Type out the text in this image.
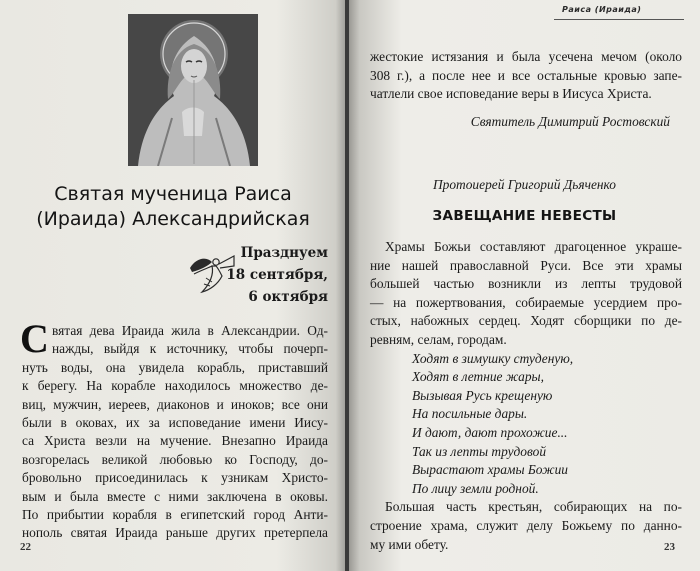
Святая мученица Раиса
(Ираида) Александрийская
Празднуем
18 сентября,
6 октября
С вятая дева Ираида жила в Александрии. Од-
нажды, выйдя к источнику, чтобы почерп-
нуть воды, она увидела корабль, приставший
к берегу. На корабле находилось множество де-
виц, мужчин, иереев, диаконов и иноков; все они
были в оковах, их за исповедание имени Иису-
са Христа везли на мучение. Внезапно Ираида
возгорелась великой любовью ко Господу, до-
бровольно присоединилась к узникам Христо-
вым и была вместе с ними заключена в оковы.
По прибытии корабля в египетский город Анти-
нополь святая Ираида раньше других претерпела
22
Раиса (Ираида)
жестокие истязания и была усечена мечом (около
308 г.), а после нее и все остальные кровью запе-
чатлели свое исповедание веры в Иисуса Христа.
Святитель Димитрий Ростовский
Протоиерей Григорий Дьяченко
ЗАВЕЩАНИЕ НЕВЕСТЫ
Храмы Божьи составляют драгоценное украше-
ние нашей православной Руси. Все эти храмы
большей частью возникли из лепты трудовой
— на пожертвования, собираемые усердием про-
стых, набожных сердец. Ходят сборщики по де-
ревням, селам, городам.
Ходят в зимушку студеную,
Ходят в летние жары,
Вызывая Русь крещеную
На посильные дары.
И дают, дают прохожие...
Так из лепты трудовой
Вырастают храмы Божии
По лицу земли родной.
Большая часть крестьян, собирающих на по-
строение храма, служит делу Божьему по данно-
му ими обету.	23
